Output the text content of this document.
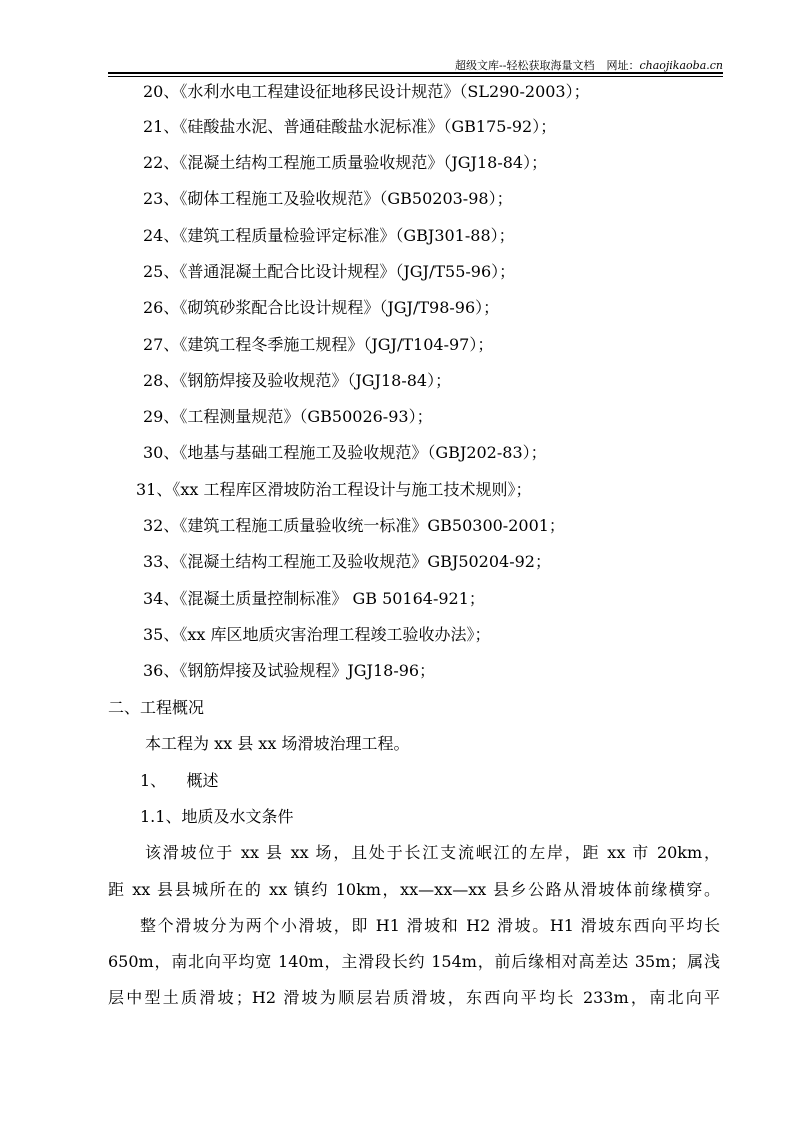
超级文库--轻松获取海量文档 网址：chaojikaoba.cn
20、《水利水电工程建设征地移民设计规范》（SL290-2003）；
21、《硅酸盐水泥、普通硅酸盐水泥标准》（GB175-92）；
22、《混凝土结构工程施工质量验收规范》（JGJ18-84）；
23、《砌体工程施工及验收规范》（GB50203-98）；
24、《建筑工程质量检验评定标准》（GBJ301-88）；
25、《普通混凝土配合比设计规程》（JGJ/T55-96）；
26、《砌筑砂浆配合比设计规程》（JGJ/T98-96）；
27、《建筑工程冬季施工规程》（JGJ/T104-97）；
28、《钢筋焊接及验收规范》（JGJ18-84）；
29、《工程测量规范》（GB50026-93）；
30、《地基与基础工程施工及验收规范》（GBJ202-83）；
31、《xx 工程库区滑坡防治工程设计与施工技术规则》；
32、《建筑工程施工质量验收统一标准》GB50300-2001；
33、《混凝土结构工程施工及验收规范》GBJ50204-92；
34、《混凝土质量控制标准》 GB 50164-921；
35、《xx 库区地质灾害治理工程竣工验收办法》；
36、《钢筋焊接及试验规程》JGJ18-96；
二、工程概况
本工程为 xx 县 xx 场滑坡治理工程。
1、    概述
1.1、地质及水文条件
该滑坡位于 xx 县 xx 场，且处于长江支流岷江的左岸，距 xx 市 20km，
距 xx 县县城所在的 xx 镇约 10km，xx—xx—xx 县乡公路从滑坡体前缘横穿。
整个滑坡分为两个小滑坡，即 H1 滑坡和 H2 滑坡。H1 滑坡东西向平均长
650m，南北向平均宽 140m，主滑段长约 154m，前后缘相对高差达 35m；属浅
层中型土质滑坡；H2 滑坡为顺层岩质滑坡，东西向平均长 233m，南北向平
